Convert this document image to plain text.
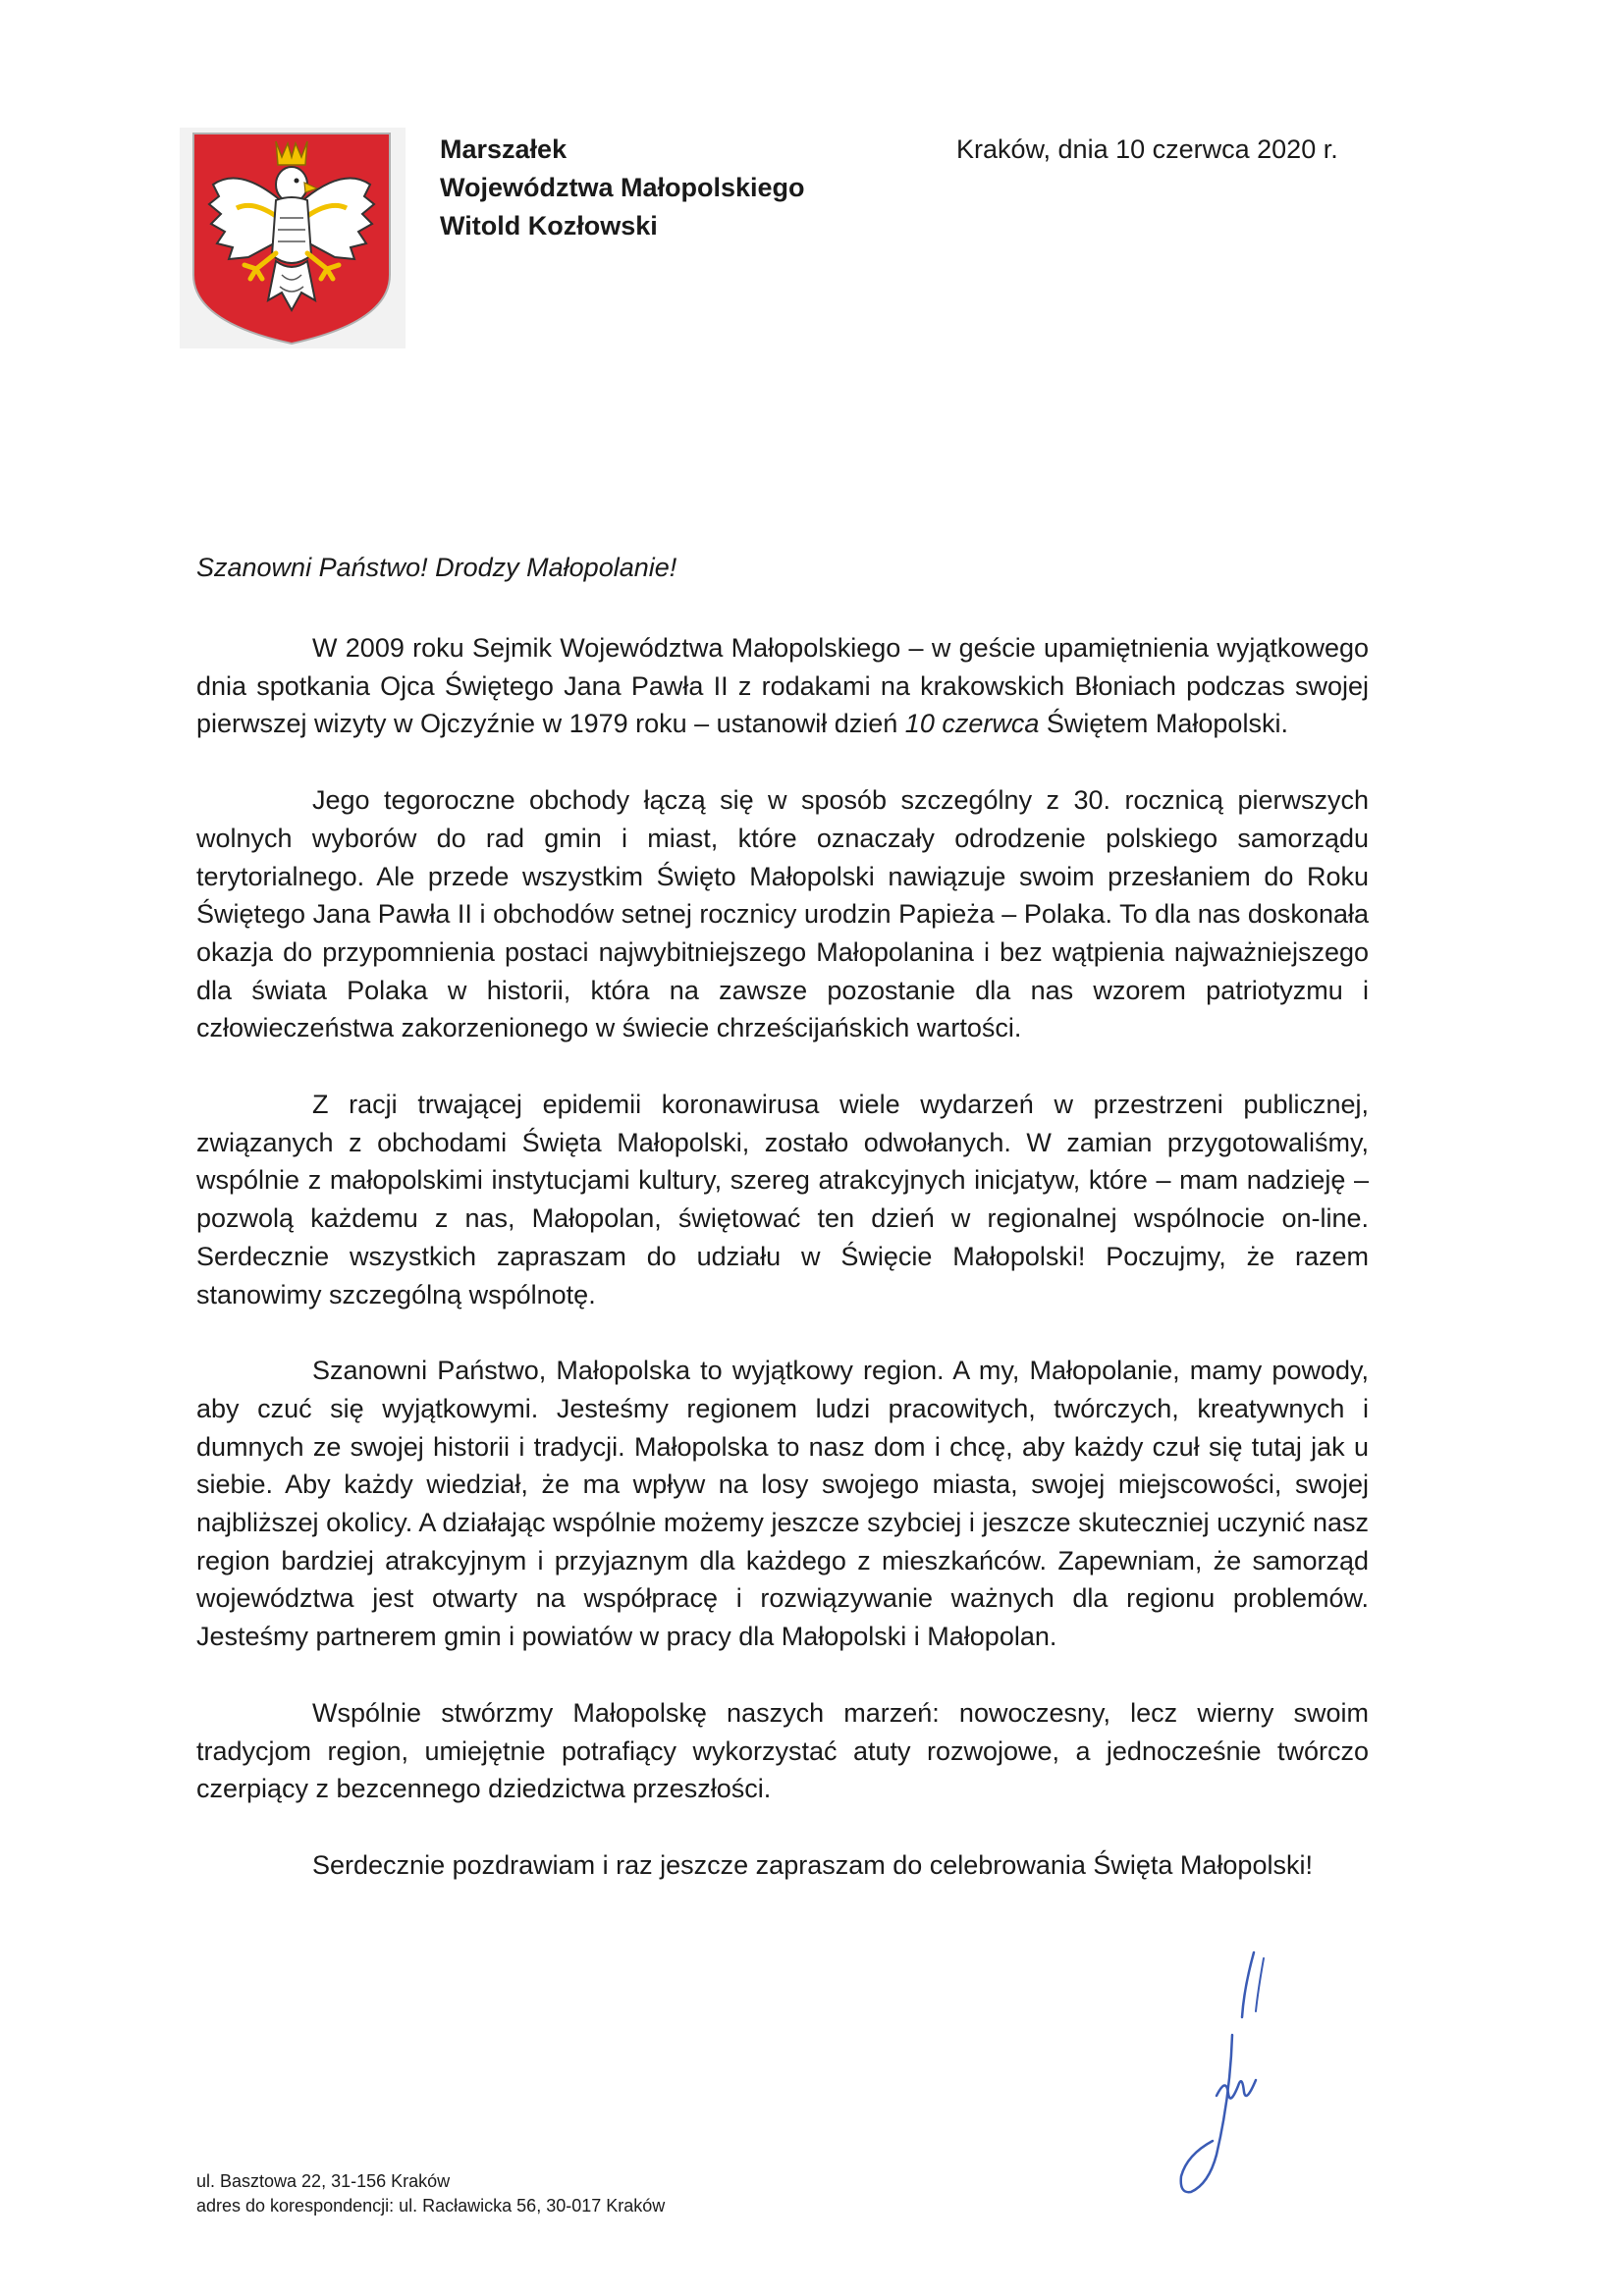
Marszałek
Województwa Małopolskiego
Witold Kozłowski
Kraków, dnia 10 czerwca 2020 r.
Szanowni Państwo! Drodzy Małopolanie!

W 2009 roku Sejmik Województwa Małopolskiego – w geście upamiętnienia wyjątkowego dnia spotkania Ojca Świętego Jana Pawła II z rodakami na krakowskich Błoniach podczas swojej pierwszej wizyty w Ojczyźnie w 1979 roku – ustanowił dzień 10 czerwca Świętem Małopolski.

Jego tegoroczne obchody łączą się w sposób szczególny z 30. rocznicą pierwszych wolnych wyborów do rad gmin i miast, które oznaczały odrodzenie polskiego samorządu terytorialnego. Ale przede wszystkim Święto Małopolski nawiązuje swoim przesłaniem do Roku Świętego Jana Pawła II i obchodów setnej rocznicy urodzin Papieża – Polaka. To dla nas doskonała okazja do przypomnienia postaci najwybitniejszego Małopolanina i bez wątpienia najważniejszego dla świata Polaka w historii, która na zawsze pozostanie dla nas wzorem patriotyzmu i człowieczeństwa zakorzenionego w świecie chrześcijańskich wartości.

Z racji trwającej epidemii koronawirusa wiele wydarzeń w przestrzeni publicznej, związanych z obchodami Święta Małopolski, zostało odwołanych. W zamian przygotowaliśmy, wspólnie z małopolskimi instytucjami kultury, szereg atrakcyjnych inicjatyw, które – mam nadzieję – pozwolą każdemu z nas, Małopolan, świętować ten dzień w regionalnej wspólnocie on-line. Serdecznie wszystkich zapraszam do udziału w Święcie Małopolski! Poczujmy, że razem stanowimy szczególną wspólnotę.

Szanowni Państwo, Małopolska to wyjątkowy region. A my, Małopolanie, mamy powody, aby czuć się wyjątkowymi. Jesteśmy regionem ludzi pracowitych, twórczych, kreatywnych i dumnych ze swojej historii i tradycji. Małopolska to nasz dom i chcę, aby każdy czuł się tutaj jak u siebie. Aby każdy wiedział, że ma wpływ na losy swojego miasta, swojej miejscowości, swojej najbliższej okolicy. A działając wspólnie możemy jeszcze szybciej i jeszcze skuteczniej uczynić nasz region bardziej atrakcyjnym i przyjaznym dla każdego z mieszkańców. Zapewniam, że samorząd województwa jest otwarty na współpracę i rozwiązywanie ważnych dla regionu problemów. Jesteśmy partnerem gmin i powiatów w pracy dla Małopolski i Małopolan.

Wspólnie stwórzmy Małopolskę naszych marzeń: nowoczesny, lecz wierny swoim tradycjom region, umiejętnie potrafiący wykorzystać atuty rozwojowe, a jednocześnie twórczo czerpiący z bezcennego dziedzictwa przeszłości.

Serdecznie pozdrawiam i raz jeszcze zapraszam do celebrowania Święta Małopolski!

ul. Basztowa 22, 31-156 Kraków
adres do korespondencji: ul. Racławicka 56, 30-017 Kraków
